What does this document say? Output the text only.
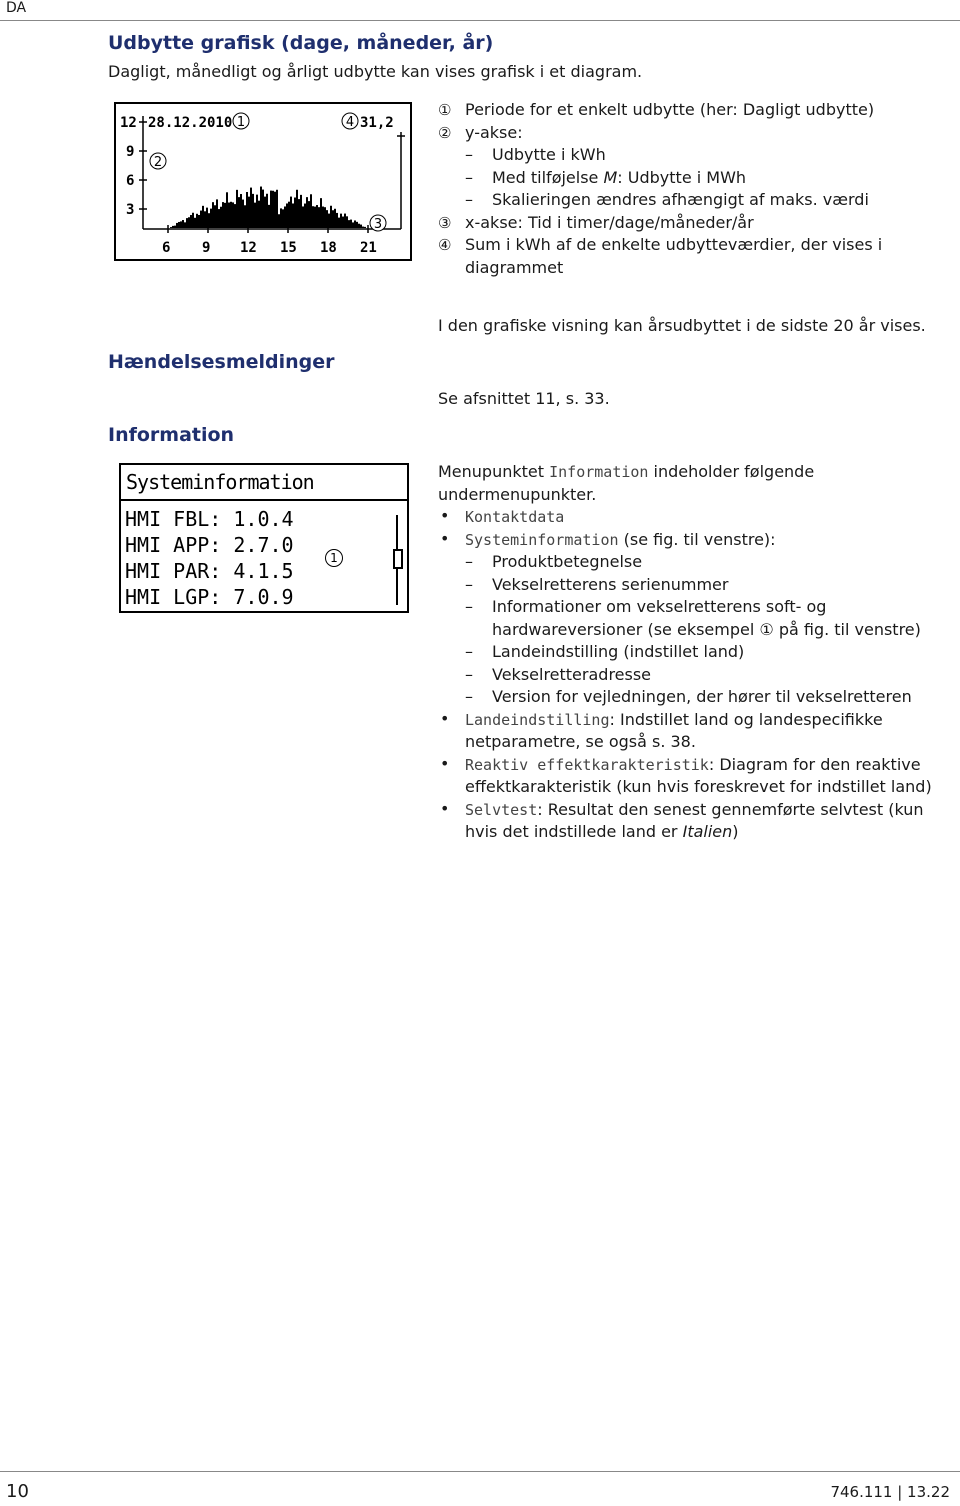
DA
Udbytte grafisk (dage, måneder, år)
Dagligt, månedligt og årligt udbytte kan vises grafisk i et diagram.
12
9
6
3
28.12.2010	31,2
6 9 12 15 18 21
1
2
3
4
① Periode for et enkelt udbytte (her: Dagligt udbytte)
② y-akse:
– Udbytte i kWh
– Med tilføjelse M: Udbytte i MWh
– Skalieringen ændres afhængigt af maks. værdi
③ x-akse: Tid i timer/dage/måneder/år
④ Sum i kWh af de enkelte udbytteværdier, der vises i diagrammet
I den grafiske visning kan årsudbyttet i de sidste 20 år vises.
Hændelsesmeldinger
Se afsnittet 11, s. 33.
Information
Systeminformation
HMI FBL: 1.0.4
HMI APP: 2.7.0
HMI PAR: 4.1.5
HMI LGP: 7.0.9
1
Menupunktet Information indeholder følgende undermenupunkter.
• Kontaktdata
• Systeminformation (se fig. til venstre):
– Produktbetegnelse
– Vekselretterens serienummer
– Informationer om vekselretterens soft- og hardwareversioner (se eksempel ① på fig. til venstre)
– Landeindstilling (indstillet land)
– Vekselretteradresse
– Version for vejledningen, der hører til vekselretteren
• Landeindstilling: Indstillet land og landespecifikke netparametre, se også s. 38.
• Reaktiv effektkarakteristik: Diagram for den reaktive effektkarakteristik (kun hvis foreskrevet for indstillet land)
• Selvtest: Resultat den senest gennemførte selvtest (kun hvis det indstillede land er Italien)
10	746.111 | 13.22
